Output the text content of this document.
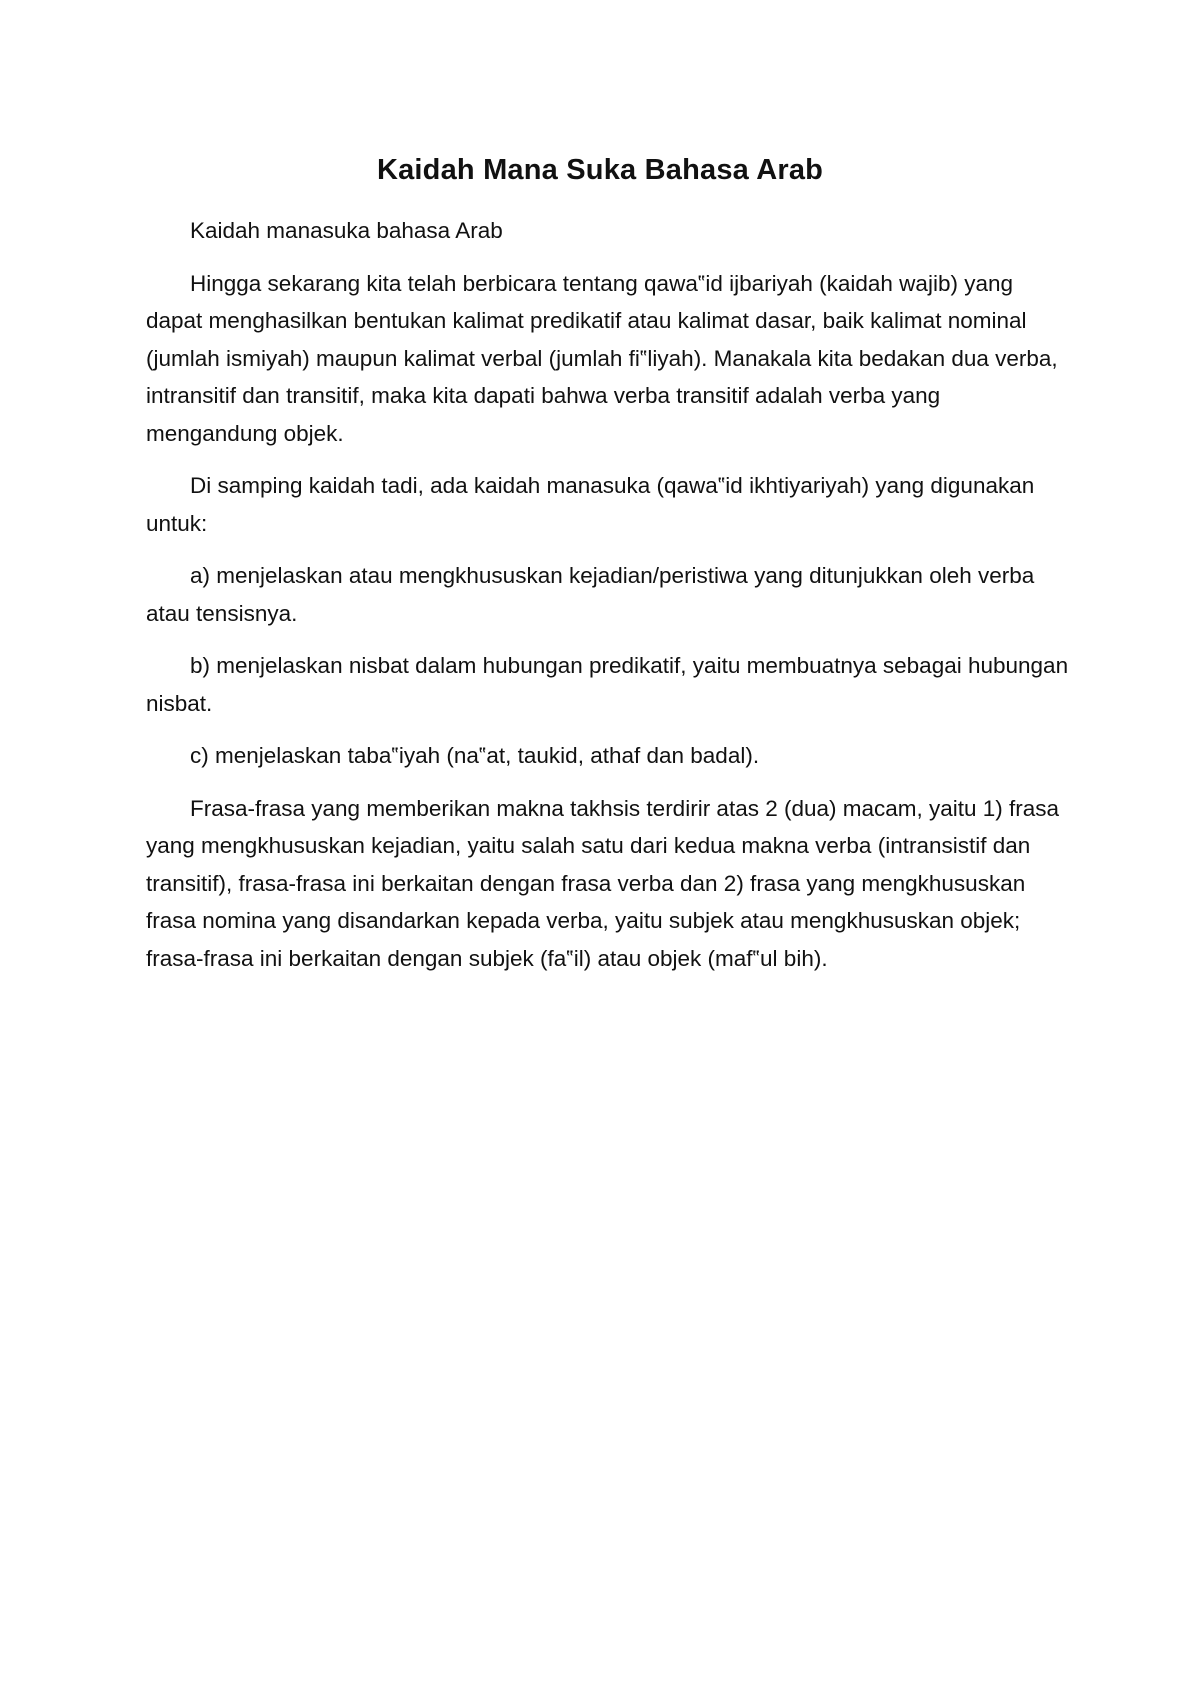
Kaidah Mana Suka Bahasa Arab

Kaidah manasuka bahasa Arab

Hingga sekarang kita telah berbicara tentang qawa‟id ijbariyah (kaidah wajib) yang dapat menghasilkan bentukan kalimat predikatif atau kalimat dasar, baik kalimat nominal (jumlah ismiyah) maupun kalimat verbal (jumlah fi‟liyah). Manakala kita bedakan dua verba, intransitif dan transitif, maka kita dapati bahwa verba transitif adalah verba yang mengandung objek.

Di samping kaidah tadi, ada kaidah manasuka (qawa‟id ikhtiyariyah) yang digunakan untuk:

a) menjelaskan atau mengkhususkan kejadian/peristiwa yang ditunjukkan oleh verba atau tensisnya.

b) menjelaskan nisbat dalam hubungan predikatif, yaitu membuatnya sebagai hubungan nisbat.

c) menjelaskan taba‟iyah (na‟at, taukid, athaf dan badal).

Frasa-frasa yang memberikan makna takhsis terdirir atas 2 (dua) macam, yaitu 1) frasa yang mengkhususkan kejadian, yaitu salah satu dari kedua makna verba (intransistif dan transitif), frasa-frasa ini berkaitan dengan frasa verba dan 2) frasa yang mengkhususkan frasa nomina yang disandarkan kepada verba, yaitu subjek atau mengkhususkan objek; frasa-frasa ini berkaitan dengan subjek (fa‟il) atau objek (maf‟ul bih).
